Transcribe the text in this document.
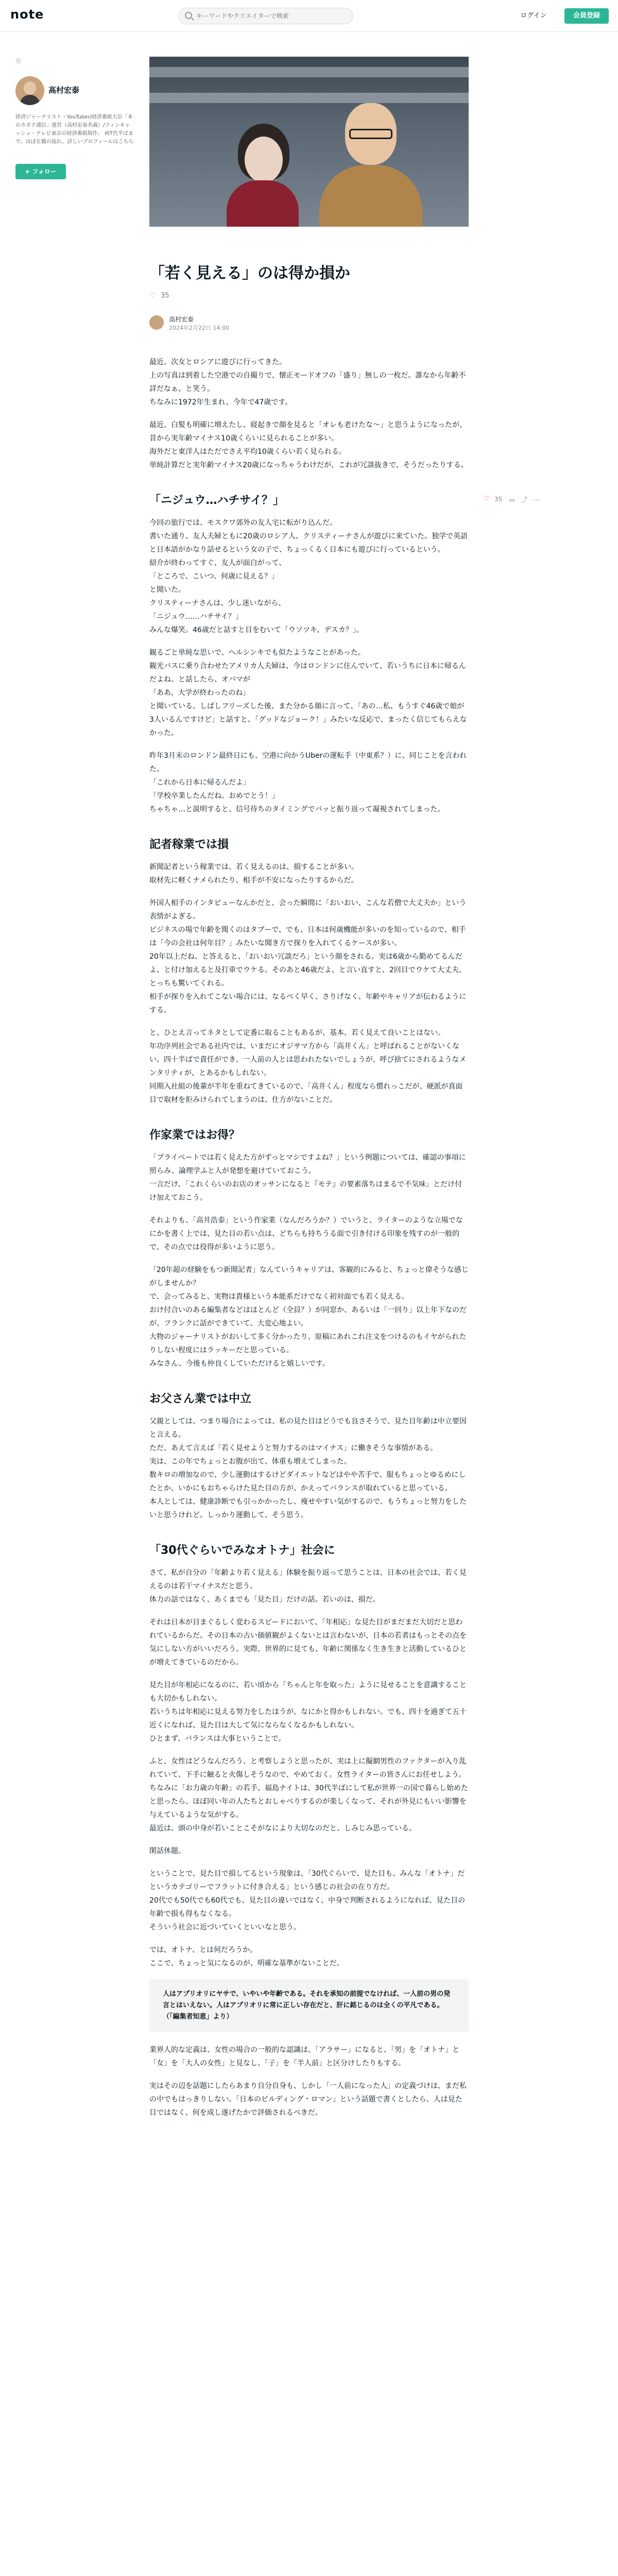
note
キーワードやクリエイターで検索	ログイン	会員登録
引
高村宏泰
経済ジャーナリスト・YouTuber/経済番組大臣「本のカガク通信」運営（高村宏泰名義）/フィンキャッシュ・テレビ東京の経済番組制作。 両T代半ばまで、ほぼ在籍の流れ。詳しいプロフィールはこちら
+ フォロー
「若く見える」のは得か損か
♡ 35
高村宏泰
2024年2月22日 14:00
♡ 35 ▭ ⤴ ⋯

最近、次女とロシアに遊びに行ってきた。
上の写真は到着した空港での自撮りで、懐正モードオフの「盛り」無しの一枚だ。誰なから年齢不詳だなぁ、と笑う。
ちなみに1972年生まれ、今年で47歳です。

最近、白髪も明確に増えたし、寝起きで顔を見ると「オレも老けたな～」と思うようになったが、昔から実年齢マイナス10歳くらいに見られることが多い。
海外だと東洋人はただでさえ平均10歳くらい若く見られる。
単純計算だと実年齢マイナス20歳になっちゃうわけだが、これが冗談抜きで、そうだったりする。

「ニジュウ…ハチサイ？」

今回の旅行では、モスクワ郊外の友人宅に転がり込んだ。
書いた通り、友人夫婦ともに20歳のロシア人、クリスティーナさんが遊びに来ていた。独学で英語と日本語がかなり話せるという女の子で、ちょっくるく日本にも遊びに行っているという。
紹介が終わってすぐ、友人が面白がって、
「ところで、こいつ、何歳に見える？」
と聞いた。
クリスティーナさんは、少し迷いながら、
「ニジュウ……ハチサイ？」
みんな爆笑。46歳だと話すと目をむいて「ウソツキ、デスカ？」。

観るごと単純な思いで、ヘルシンキでも似たようなことがあった。
観光バスに乗り合わせたアメリカ人夫婦は、今はロンドンに住んでいて、若いうちに日本に帰るんだよね、と話したら、オバマが
「ああ、大学が終わったのね」
と聞いている。しばしフリーズした後、また分かる顔に言って、「あの…私、もうすぐ46歳で娘が3人いるんですけど」と話すと、「グッドなジョーク！」みたいな反応で、まったく信じてもらえなかった。

昨年3月末のロンドン最終日にも、空港に向かうUberの運転手（中東系？）に、同じことを言われた。
「これから日本に帰るんだよ」
「学校卒業したんだね。おめでとう！」
ちゃちゃ…と説明すると、信号待ちのタイミングでバッと振り返って凝視されてしまった。

記者稼業では損

新聞記者という稼業では、若く見えるのは、損することが多い。
取材先に軽くナメられたり、相手が不安になったりするからだ。

外国人相手のインタビューなんかだと、会った瞬間に「おいおい、こんな若僧で大丈夫か」という表情がよぎる。
ビジネスの場で年齢を聞くのはタブーで、でも、日本は何歳機能が多いのを知っているので、相手は「今の会社は何年目？」みたいな聞き方で探りを入れてくるケースが多い。
20年以上だね、と答えると、「おいおい冗談だろ」という顔をされる。実は6歳から勤めてるんだよ、と付け加えると及打車でウケる。そのあと46歳だよ、と言い直すと、2回目でウケて大丈夫、とっちも驚いてくれる。
相手が探りを入れてこない場合には、なるべく早く、さりげなく、年齢やキャリアが伝わるようにする。

と、ひとえ言ってネタとして定番に取ることもあるが、基本、若く見えて良いことはない。
年功序列社会である社内では、いまだにオジサマ方から「高井くん」と呼ばれることがないくない。四十半ばで責任ができ、一人前の人とは思われたないでしょうが、呼び捨てにされるようなメンタリティが、とあるかもしれない。
同期入社組の後輩が半年を重ねてきているので、「高井くん」程度なら慣れっこだが、硬派が真面目で取材を拒みけられてしまうのは、仕方がないことだ。

作家業ではお得？

「プライベートでは若く見えた方がずっとマシですよね？」という例題については、確認の事項に照らみ、論理学ふと人が発想を避けていておこう。
一言だけ、「これくらいのお店のオッサンになると『モテ』の要素落ちはまるで不気味」とだけ付け加えておこう。

それよりも、「高井浩泰」という作家業（なんだろうか？）でいうと、ライターのような立場でなにかを書く上では、見た目の若い点は、どちらも持ちうる面で引き付ける印象を残すのが一般的で、その点では役得が多いように思う。

「20年超の経験をもつ新聞記者」なんていうキャリアは、客観的にみると、ちょっと偉そうな感じがしませんか？
で、会ってみると、実物は貴様という本能系だけでなく初対面でも若く見える。
おけ付合いのある編集者などはほとんど（全員？）が同窓か、あるいは「一回り」以上年下なのだが、フランクに話ができていて、大変心地よい。
大物のジャーナリストがおいして多く分かったり、原稿にあれこれ注文をつけるのもイヤがられたりしない程度にはラッキーだと思っている。
みなさん、今後も仲良くしていただけると嬉しいです。

お父さん業では中立

父親としては、つまり場合によっては、私の見た目はどうでも良さそうで、見た目年齢は中立要因と言える。
ただ、あえて言えば「若く見せようと努力するのはマイナス」に働きそうな事情がある。
実は、この年でちょっとお腹が出て、体重も増えてしまった。
数キロの増加なので、少し運動はするけどダイエットなどはやや苦手で、服もちょっとゆるめにしたとか、いかにもおちゃらけた見た目の方が、かえってバランスが取れていると思っている。
本人としては、健康診断でも引っかかったし、痩せやすい気がするので、もうちょっと努力をしたいと思うけれど。しっかり運動して、そう思う。

「30代ぐらいでみなオトナ」社会に

さて、私が自分の「年齢より若く見える」体験を振り返って思うことは、日本の社会では、若く見えるのは若干マイナスだと思う。
体力の話ではなく、あくまでも「見た目」だけの話。若いのは、損だ。

それは日本が目まぐるしく変わるスピードにおいて、「年相応」な見た目がまだまだ大切だと思われているからだ。その日本の古い価値観がよくないとは言わないが、日本の若者はもっとその点を気にしない方がいいだろう。実際、世界的に見ても、年齢に関係なく生き生きと活動しているひとが増えてきているのだから。

見た目が年相応になるのに、若い頃から「ちゃんと年を取った」ように見せることを意識することも大切かもしれない。
若いうちは年相応に見える努力をしたほうが、なにかと得かもしれない。でも、四十を過ぎて五十近くになれば、見た目は大して気にならなくなるかもしれない。
ひとまず、バランスは大事ということで。

ふと、女性はどうなんだろう、と考察しようと思ったが、実は上に擬網男性のファクターが入り乱れていて、下手に触ると火傷しそうなので、やめておく。女性ライターの皆さんにお任せしよう。
ちなみに「お力歳の年齢」の若手、福島ナイトは、30代半ばにして私が世界一の国で暮らし始めたと思ったら、ほぼ同い年の人たちとおしゃべりするのが楽しくなって、それが外見にもいい影響を与えているような気がする。
最近は、頭の中身が若いことこそがなにより大切なのだと、しみじみ思っている。

閑話休題。

ということで、見た目で損してるという現象は、「30代ぐらいで、見た目も、みんな「オトナ」だというカテゴリーでフラットに付き合える」という感じの社会の在り方だ。
20代でも50代でも60代でも、見た目の違いではなく、中身で判断されるようになれば、見た目の年齢で損も得もなくなる。
そういう社会に近づいていくといいなと思う。

では、オトナ、とは何だろうか。
ここで、ちょっと気になるのが、明確な基準がないことだ。

人はアプリオリにヤサで、いやいや年齢である。それを承知の前提でなければ、一人前の男の発言とはいえない。人はアプリオリに常に正しい存在だと、肝に銘じるのは全くの平凡である。（「編集者知恵」より）

業界人的な定義は、女性の場合の一般的な認識は、「アラサー」になると、「男」を「オトナ」と「女」を「大人の女性」と見なし、「子」を「半人前」と区分けしたりもする。

実はその辺を話題にしたらあまり自分自身も、しかし「一人前になった人」の定義づけは、まだ私の中でもはっきりしない。「日本のビルディング・ロマン」という話題で書くとしたら、人は見た目ではなく、何を成し遂げたかで評価されるべきだ。
